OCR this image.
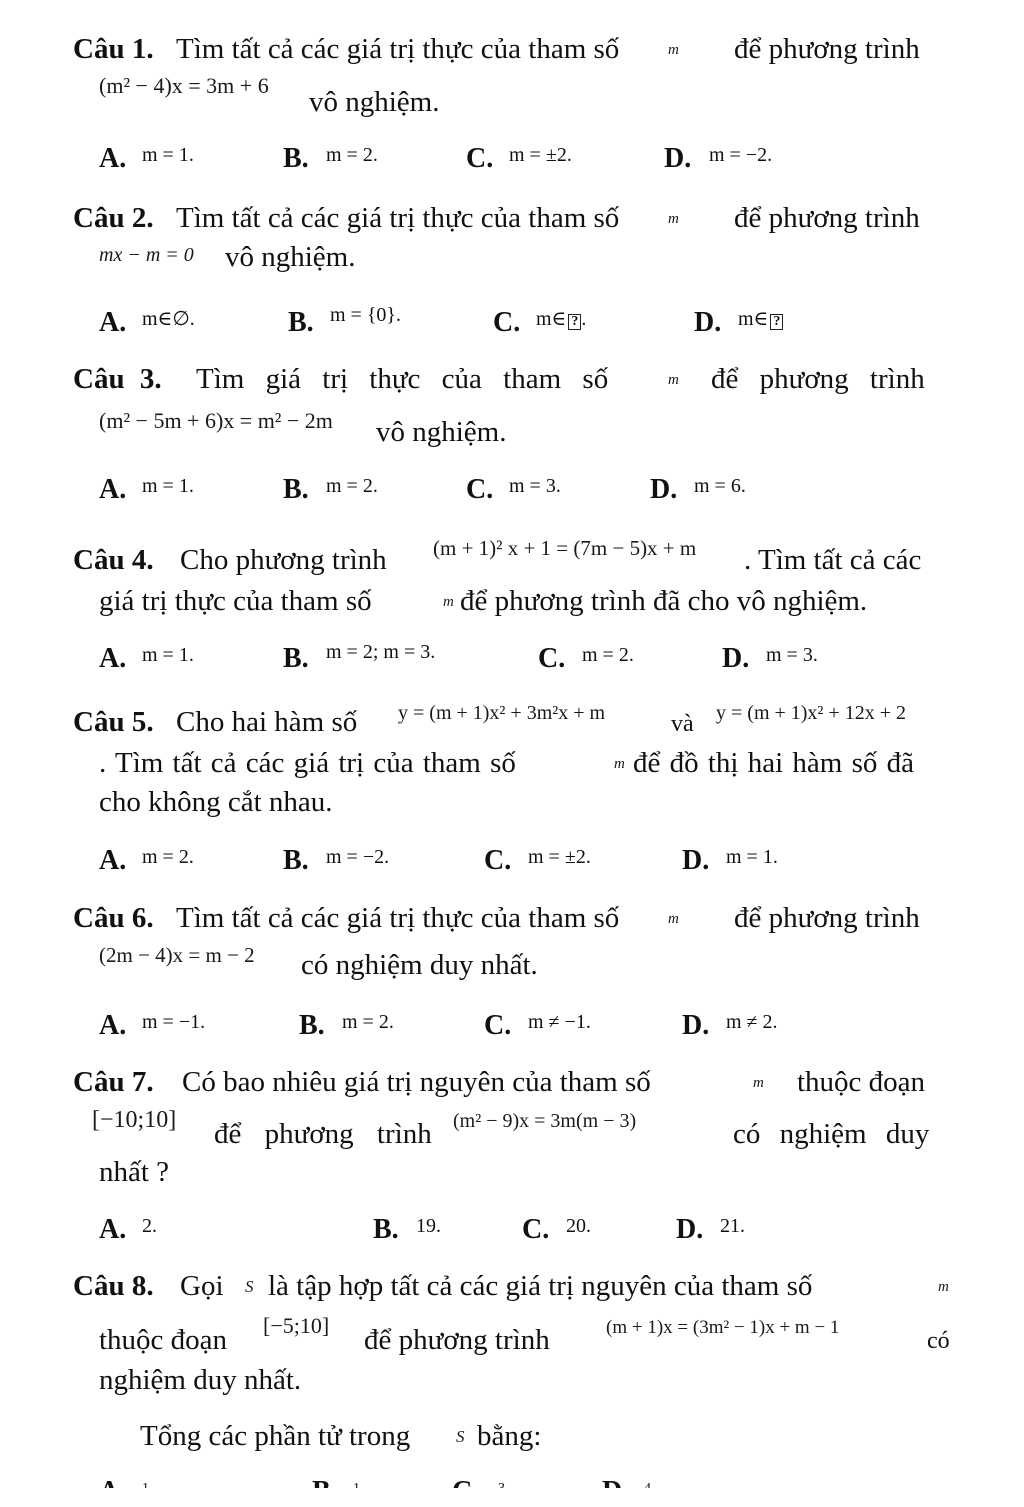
Câu 1. Tìm tất cả các giá trị thực của tham số	m để phương trình
(m² − 4)x = 3m + 6
vô nghiệm.
A. m = 1.	B. m = 2.	C. m = ±2.	D. m = −2.
Câu 2. Tìm tất cả các giá trị thực của tham số	m để phương trình
mx − m = 0 vô nghiệm.
A. m∈∅.	B. m = {0}.	C. m∈ ? .	D. m∈ ?
Câu 3. Tìm giá trị thực của tham số	m để phương trình
(m² − 5m + 6)x = m² − 2m vô nghiệm.
A. m = 1.	B. m = 2.	C. m = 3.	D. m = 6.
Câu 4. Cho phương trình (m + 1)² x + 1 = (7m − 5)x + m . Tìm tất cả các
giá trị thực của tham số	m để phương trình đã cho vô nghiệm.
A. m = 1.	B. m = 2; m = 3.	C. m = 2.	D. m = 3.
Câu 5. Cho hai hàm số y = (m + 1)x² + 3m²x + m	và y = (m + 1)x² + 12x + 2
. Tìm tất cả các giá trị của tham số	m để đồ thị hai hàm số đã
cho không cắt nhau.
A. m = 2.	B. m = −2.	C. m = ±2.	D. m = 1.
Câu 6. Tìm tất cả các giá trị thực của tham số	m để phương trình
(2m − 4)x = m − 2 có nghiệm duy nhất.
A. m = −1.	B. m = 2.	C. m ≠ −1.	D. m ≠ 2.
Câu 7. Có bao nhiêu giá trị nguyên của tham số	m thuộc đoạn
[−10;10] để phương trình (m² − 9)x = 3m(m − 3)	có nghiệm duy
nhất ?
A. 2.	B. 19.	C. 20.	D. 21.
Câu 8. Gọi S là tập hợp tất cả các giá trị nguyên của tham số	m
thuộc đoạn [−5;10] để phương trình	(m + 1)x = (3m² − 1)x + m − 1
có
nghiệm duy nhất.
Tổng các phần tử trong	S bằng:
